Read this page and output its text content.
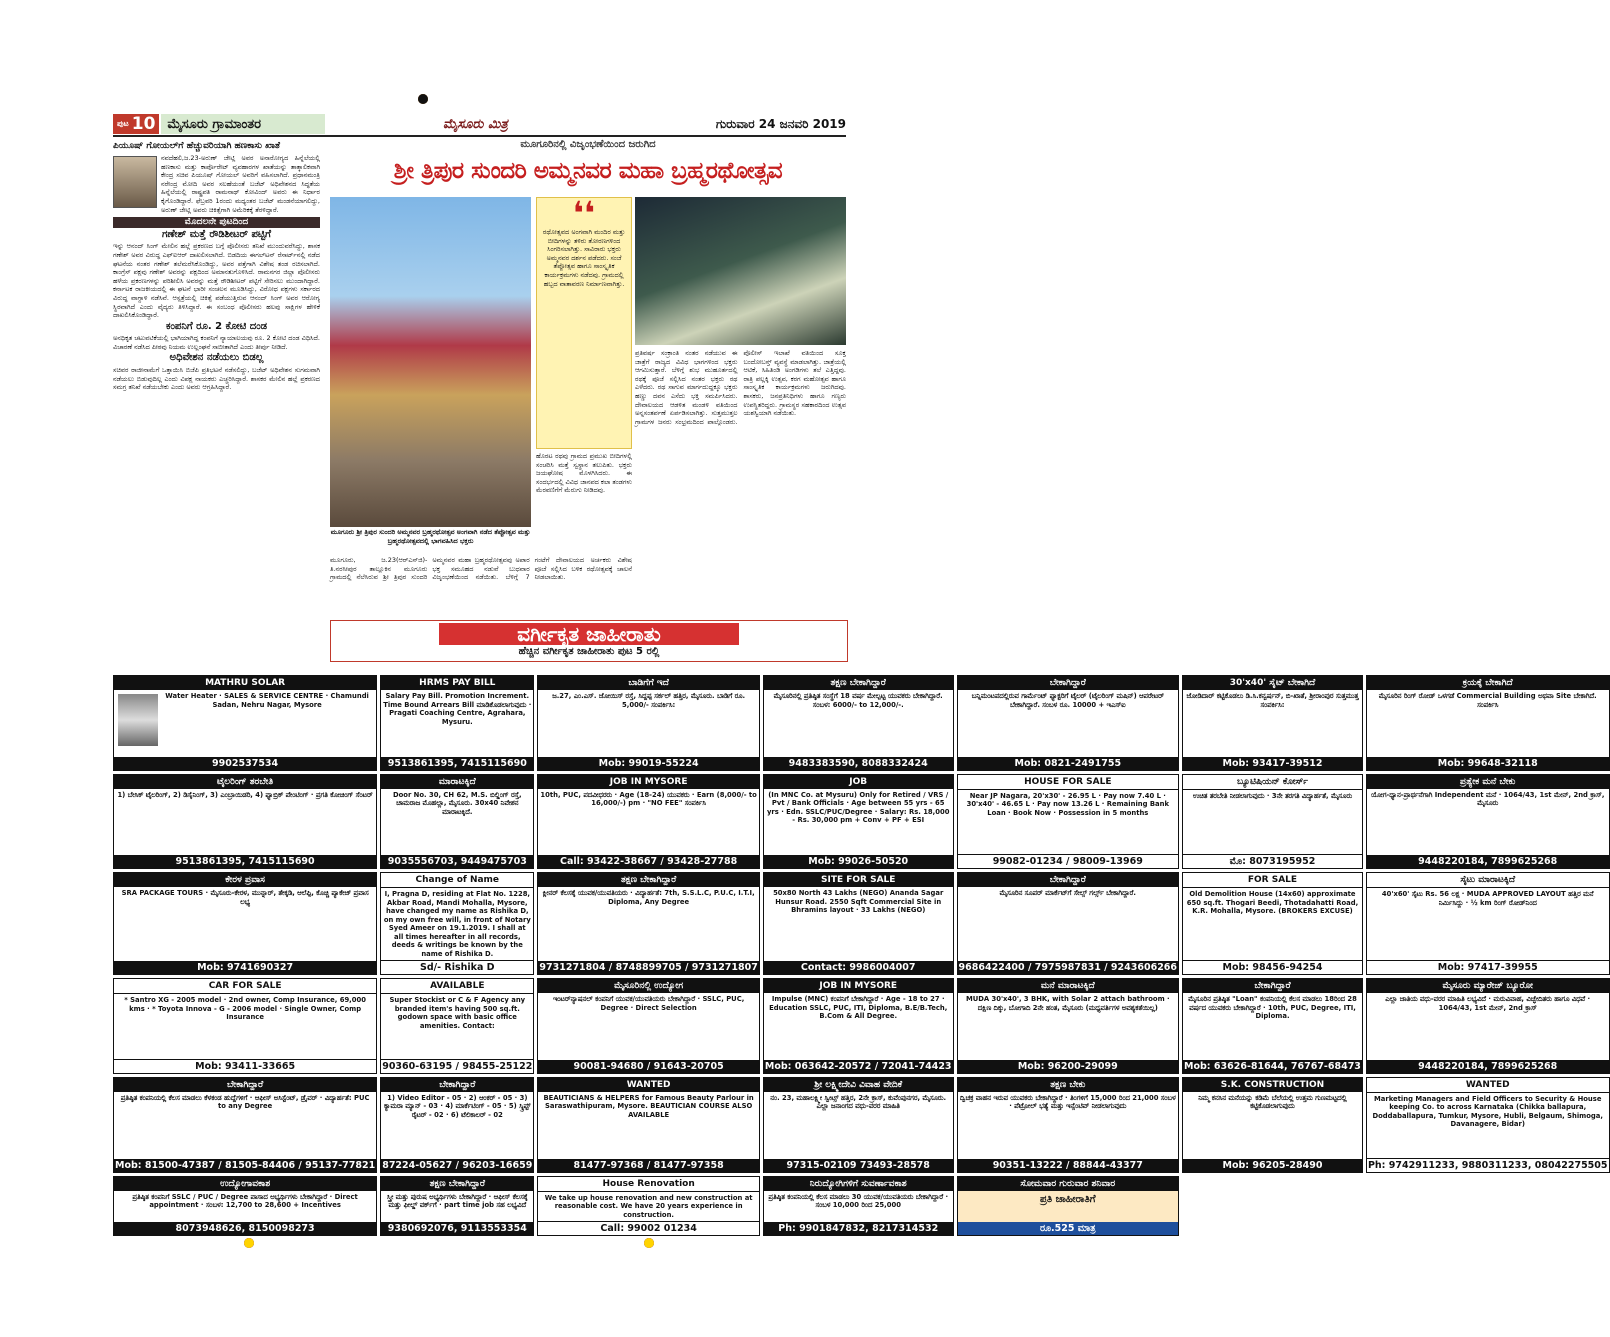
ಪುಟ 10 ಮೈಸೂರು ಗ್ರಾಮಾಂತರ	ಮೈಸೂರು ಮಿತ್ರ	ಗುರುವಾರ 24 ಜನವರಿ 2019
ಪಿಯೂಷ್ ಗೋಯಲ್‌ಗೆ ಹೆಚ್ಚುವರಿಯಾಗಿ ಹಣಕಾಸು ಖಾತೆ

ನವದೆಹಲಿ,ಜ.23-ಅರುಣ್ ಜೇಟ್ಲಿ ಅವರ ಅನಾರೋಗ್ಯದ ಹಿನ್ನೆಲೆಯಲ್ಲಿ ಹಣಕಾಸು ಮತ್ತು ಕಾರ್ಪೊರೇಟ್ ವ್ಯವಹಾರಗಳ ಖಾತೆಯನ್ನು ತಾತ್ಕಾಲಿಕವಾಗಿ ಕೇಂದ್ರ ಸಚಿವ ಪಿಯೂಷ್ ಗೋಯಲ್ ಅವರಿಗೆ ವಹಿಸಲಾಗಿದೆ. ಪ್ರಧಾನಮಂತ್ರಿ ನರೇಂದ್ರ ಮೋದಿ ಅವರ ಸಲಹೆಯಂತೆ ಬಜೆಟ್ ಅಧಿವೇಶನದ ಸಿದ್ಧತೆಯ ಹಿನ್ನೆಲೆಯಲ್ಲಿ ರಾಷ್ಟ್ರಪತಿ ರಾಮನಾಥ್ ಕೋವಿಂದ್ ಅವರು ಈ ನಿರ್ಧಾರ ಕೈಗೊಂಡಿದ್ದಾರೆ. ಫೆಬ್ರವರಿ 1ರಂದು ಮಧ್ಯಂತರ ಬಜೆಟ್ ಮಂಡನೆಯಾಗಲಿದ್ದು, ಅರುಣ್ ಜೇಟ್ಲಿ ಅವರು ಚಿಕಿತ್ಸೆಗಾಗಿ ಅಮೆರಿಕಕ್ಕೆ ತೆರಳಿದ್ದಾರೆ.

ಮೊದಲನೇ ಪುಟದಿಂದ
ಗಣೇಶ್ ಮತ್ತೆ ರೌಡಿಶೀಟರ್ ಪಟ್ಟಿಗೆ

ಇನ್ನು ಆನಂದ್ ಸಿಂಗ್ ಮೇಲಿನ ಹಲ್ಲೆ ಪ್ರಕರಣದ ಬಗ್ಗೆ ಪೊಲೀಸರು ತನಿಖೆ ಮುಂದುವರೆಸಿದ್ದು, ಶಾಸಕ ಗಣೇಶ್ ಅವರ ವಿರುದ್ಧ ಎಫ್‌ಐಆರ್ ದಾಖಲಿಸಲಾಗಿದೆ. ಬಿಡದಿಯ ಈಗಲ್‌ಟನ್ ರೆಸಾರ್ಟ್‌ನಲ್ಲಿ ನಡೆದ ಘಟನೆಯ ನಂತರ ಗಣೇಶ್ ತಲೆಮರೆಸಿಕೊಂಡಿದ್ದು, ಅವರ ಪತ್ತೆಗಾಗಿ ವಿಶೇಷ ತಂಡ ರಚಿಸಲಾಗಿದೆ. ಕಾಂಗ್ರೆಸ್ ಪಕ್ಷವು ಗಣೇಶ್ ಅವರನ್ನು ಪಕ್ಷದಿಂದ ಅಮಾನತುಗೊಳಿಸಿದೆ. ರಾಮನಗರ ಜಿಲ್ಲಾ ಪೊಲೀಸರು ಹಳೆಯ ಪ್ರಕರಣಗಳನ್ನು ಪರಿಶೀಲಿಸಿ ಅವರನ್ನು ಮತ್ತೆ ರೌಡಿಶೀಟರ್ ಪಟ್ಟಿಗೆ ಸೇರಿಸಲು ಮುಂದಾಗಿದ್ದಾರೆ. ಕರ್ನಾಟಕ ರಾಜಕೀಯದಲ್ಲಿ ಈ ಘಟನೆ ಭಾರೀ ಸಂಚಲನ ಮೂಡಿಸಿದ್ದು, ವಿರೋಧ ಪಕ್ಷಗಳು ಸರ್ಕಾರದ ವಿರುದ್ಧ ವಾಗ್ದಾಳಿ ನಡೆಸಿವೆ. ಆಸ್ಪತ್ರೆಯಲ್ಲಿ ಚಿಕಿತ್ಸೆ ಪಡೆಯುತ್ತಿರುವ ಆನಂದ್ ಸಿಂಗ್ ಅವರ ಆರೋಗ್ಯ ಸ್ಥಿರವಾಗಿದೆ ಎಂದು ವೈದ್ಯರು ತಿಳಿಸಿದ್ದಾರೆ. ಈ ಸಂಬಂಧ ಪೊಲೀಸರು ಹಲವು ಸಾಕ್ಷಿಗಳ ಹೇಳಿಕೆ ದಾಖಲಿಸಿಕೊಂಡಿದ್ದಾರೆ.

ಕಂಪನಿಗೆ ರೂ. 2 ಕೋಟಿ ದಂಡ

ಅನಧಿಕೃತ ಚಟುವಟಿಕೆಯಲ್ಲಿ ಭಾಗಿಯಾಗಿದ್ದ ಕಂಪನಿಗೆ ನ್ಯಾಯಾಲಯವು ರೂ. 2 ಕೋಟಿ ದಂಡ ವಿಧಿಸಿದೆ. ವಿಚಾರಣೆ ನಡೆಸಿದ ಪೀಠವು ನಿಯಮ ಉಲ್ಲಂಘನೆ ಸಾಬೀತಾಗಿದೆ ಎಂದು ತೀರ್ಪು ನೀಡಿದೆ.

ಅಧಿವೇಶನ ನಡೆಯಲು ಬಿಡಲ್ಲ

ಸಚಿವರ ರಾಜೀನಾಮೆಗೆ ಒತ್ತಾಯಿಸಿ ಬಿಜೆಪಿ ಪ್ರತಿಭಟನೆ ನಡೆಸಲಿದ್ದು, ಬಜೆಟ್ ಅಧಿವೇಶನ ಸುಗಮವಾಗಿ ನಡೆಯಲು ಬಿಡುವುದಿಲ್ಲ ಎಂದು ವಿಪಕ್ಷ ನಾಯಕರು ಎಚ್ಚರಿಸಿದ್ದಾರೆ. ಶಾಸಕರ ಮೇಲಿನ ಹಲ್ಲೆ ಪ್ರಕರಣದ ಸಮಗ್ರ ತನಿಖೆ ನಡೆಯಬೇಕು ಎಂದು ಅವರು ಆಗ್ರಹಿಸಿದ್ದಾರೆ.

ಮೂಗೂರಿನಲ್ಲಿ ವಿಜೃಂಭಣೆಯಿಂದ ಜರುಗಿದ
ಶ್ರೀ ತ್ರಿಪುರ ಸುಂದರಿ ಅಮ್ಮನವರ ಮಹಾ ಬ್ರಹ್ಮರಥೋತ್ಸವ
❛❛
ರಥೋತ್ಸವದ ಅಂಗವಾಗಿ ಮಂದಿರ ಮತ್ತು ಬೀದಿಗಳನ್ನು ತಳಿರು ತೋರಣಗಳಿಂದ ಸಿಂಗರಿಸಲಾಗಿತ್ತು. ಸಾವಿರಾರು ಭಕ್ತರು ಅಮ್ಮನವರ ದರ್ಶನ ಪಡೆದರು. ಸಂಜೆ ತೆಪ್ಪೋತ್ಸವ ಹಾಗೂ ಸಾಂಸ್ಕೃತಿಕ ಕಾರ್ಯಕ್ರಮಗಳು ನಡೆದವು. ಗ್ರಾಮದಲ್ಲಿ ಹಬ್ಬದ ವಾತಾವರಣ ನಿರ್ಮಾಣವಾಗಿತ್ತು.
ಮೂಗೂರು ಶ್ರೀ ತ್ರಿಪುರ ಸುಂದರಿ ಅಮ್ಮನವರ ಬ್ರಹ್ಮರಥೋತ್ಸವ ಅಂಗವಾಗಿ ನಡೆದ ತೆಪ್ಪೋತ್ಸವ ಮತ್ತು ಬ್ರಹ್ಮರಥೋತ್ಸವದಲ್ಲಿ ಭಾಗವಹಿಸಿದ ಭಕ್ತರು
ಪ್ರತಿವರ್ಷ ಸಂಕ್ರಾಂತಿ ನಂತರ ನಡೆಯುವ ಈ ಜಾತ್ರೆಗೆ ರಾಜ್ಯದ ವಿವಿಧ ಭಾಗಗಳಿಂದ ಭಕ್ತರು ಆಗಮಿಸುತ್ತಾರೆ. ಬೆಳಿಗ್ಗೆ ಶುಭ ಮುಹೂರ್ತದಲ್ಲಿ ರಥಕ್ಕೆ ಪೂಜೆ ಸಲ್ಲಿಸಿದ ನಂತರ ಭಕ್ತರು ರಥ ಎಳೆದರು. ರಥ ಸಾಗುವ ಮಾರ್ಗದುದ್ದಕ್ಕೂ ಭಕ್ತರು ಹಣ್ಣು ದವನ ಎಸೆದು ಭಕ್ತಿ ಸಮರ್ಪಿಸಿದರು. ದೇವಾಲಯದ ಆಡಳಿತ ಮಂಡಳಿ ವತಿಯಿಂದ ಅನ್ನಸಂತರ್ಪಣೆ ಏರ್ಪಡಿಸಲಾಗಿತ್ತು. ಸುತ್ತಮುತ್ತಲ ಗ್ರಾಮಗಳ ಜನರು ಸಂಭ್ರಮದಿಂದ ಪಾಲ್ಗೊಂಡರು. ಪೊಲೀಸ್ ಇಲಾಖೆ ವತಿಯಿಂದ ಸೂಕ್ತ ಬಂದೋಬಸ್ತ್ ವ್ಯವಸ್ಥೆ ಮಾಡಲಾಗಿತ್ತು. ಜಾತ್ರೆಯಲ್ಲಿ ಆಟಿಕೆ, ಸಿಹಿತಿಂಡಿ ಅಂಗಡಿಗಳು ತಲೆ ಎತ್ತಿದ್ದವು. ರಾತ್ರಿ ಪಲ್ಲಕ್ಕಿ ಉತ್ಸವ, ಕರಗ ಮಹೋತ್ಸವ ಹಾಗೂ ಸಾಂಸ್ಕೃತಿಕ ಕಾರ್ಯಕ್ರಮಗಳು ಜರುಗಿದವು. ಶಾಸಕರು, ಜನಪ್ರತಿನಿಧಿಗಳು ಹಾಗೂ ಗಣ್ಯರು ಉಪಸ್ಥಿತರಿದ್ದರು. ಗ್ರಾಮಸ್ಥರ ಸಹಕಾರದಿಂದ ಉತ್ಸವ ಯಶಸ್ವಿಯಾಗಿ ನಡೆಯಿತು.
ಹೊರಟ ರಥವು ಗ್ರಾಮದ ಪ್ರಮುಖ ಬೀದಿಗಳಲ್ಲಿ ಸಂಚರಿಸಿ ಮತ್ತೆ ಸ್ವಸ್ಥಾನ ತಲುಪಿತು. ಭಕ್ತರು ಜಯಘೋಷ ಮೊಳಗಿಸಿದರು. ಈ ಸಂದರ್ಭದಲ್ಲಿ ವಿವಿಧ ಜಾನಪದ ಕಲಾ ತಂಡಗಳು ಮೆರವಣಿಗೆಗೆ ಮೆರುಗು ನೀಡಿದವು.
ಮೂಗೂರು, ಜ.23(ಆರ್‌ಎಸ್‌ಜಿ)- ತಿ.ನರಸೀಪುರ ತಾಲ್ಲೂಕಿನ ಮೂಗೂರು ಗ್ರಾಮದಲ್ಲಿ ನೆಲೆಸಿರುವ ಶ್ರೀ ತ್ರಿಪುರ ಸುಂದರಿ ಅಮ್ಮನವರ ಮಹಾ ಬ್ರಹ್ಮರಥೋತ್ಸವವು ಅಪಾರ ಭಕ್ತ ಸಮೂಹದ ನಡುವೆ ಬುಧವಾರ ವಿಜೃಂಭಣೆಯಿಂದ ನಡೆಯಿತು. ಬೆಳಿಗ್ಗೆ 7 ಗಂಟೆಗೆ ದೇವಾಲಯದ ಅರ್ಚಕರು ವಿಶೇಷ ಪೂಜೆ ಸಲ್ಲಿಸಿದ ಬಳಿಕ ರಥೋತ್ಸವಕ್ಕೆ ಚಾಲನೆ ನೀಡಲಾಯಿತು.
ವರ್ಗೀಕೃತ ಜಾಹೀರಾತು
ಹೆಚ್ಚಿನ ವರ್ಗೀಕೃತ ಜಾಹೀರಾತು ಪುಟ 5 ರಲ್ಲಿ
MATHRU SOLAR
Water Heater · SALES & SERVICE CENTRE · Chamundi Sadan, Nehru Nagar, Mysore
9902537534
HRMS PAY BILL
Salary Pay Bill. Promotion Increment. Time Bound Arrears Bill ಮಾಡಿಕೊಡಲಾಗುವುದು · Pragati Coaching Centre, Agrahara, Mysuru.
9513861395, 7415115690
ಬಾಡಿಗೆಗೆ ಇದೆ
ಜ.27, ಎಂ.ಎಸ್. ಜೋಯಿಸ್ ರಸ್ತೆ, ಸಿದ್ದಪ್ಪ ಸರ್ಕಲ್ ಹತ್ತಿರ, ಮೈಸೂರು. ಬಾಡಿಗೆ ರೂ. 5,000/- ಸಂಪರ್ಕಿಸಿ:
Mob: 99019-55224
ತಕ್ಷಣ ಬೇಕಾಗಿದ್ದಾರೆ
ಮೈಸೂರಿನಲ್ಲಿ ಪ್ರತಿಷ್ಠಿತ ಸಂಸ್ಥೆಗೆ 18 ವರ್ಷ ಮೇಲ್ಪಟ್ಟ ಯುವಕರು ಬೇಕಾಗಿದ್ದಾರೆ. ಸಂಬಳ: 6000/- to 12,000/-.
9483383590, 8088332424
ಬೇಕಾಗಿದ್ದಾರೆ
ಬನ್ನಿಮಂಟಪದಲ್ಲಿರುವ ಗಾರ್ಮೆಂಟ್ ಫ್ಯಾಕ್ಟರಿಗೆ ಟೈಲರ್ (ಟೈಲರಿಂಗ್ ಮಷಿನ್) ಆಪರೇಟರ್ ಬೇಕಾಗಿದ್ದಾರೆ. ಸಂಬಳ ರೂ. 10000 + ಇಎಸ್ಐ
Mob: 0821-2491755
30'x40' ಸೈಟ್ ಬೇಕಾಗಿದೆ
ಜೋಡಿದಾರ್ ಕಟ್ಟಿಕೊಡಲು ಡಿ.ಸಿ.ಕನ್ವರ್ಷನ್, ಬಿ-ಖಾತೆ, ಶ್ರೀರಾಂಪುರ ಸುತ್ತಮುತ್ತ ಸಂಪರ್ಕಿಸಿ:
Mob: 93417-39512
ಕ್ರಯಕ್ಕೆ ಬೇಕಾಗಿದೆ
ಮೈಸೂರಿನ ರಿಂಗ್ ರೋಡ್ ಒಳಗಡೆ Commercial Building ಅಥವಾ Site ಬೇಕಾಗಿದೆ. ಸಂಪರ್ಕಿಸಿ
Mob: 99648-32118
ಟೈಲರಿಂಗ್ ತರಬೇತಿ
1) ಬೇಸಿಕ್ ಟೈಲರಿಂಗ್, 2) ಡಿಸೈನಿಂಗ್, 3) ಎಂಬ್ರಾಯಿಡರಿ, 4) ಫ್ಯಾಬ್ರಿಕ್ ಪೇಂಟಿಂಗ್ · ಪ್ರಗತಿ ಕೋಚಿಂಗ್ ಸೆಂಟರ್
9513861395, 7415115690
ಮಾರಾಟಕ್ಕಿದೆ
Door No. 30, CH 62, M.S. ಬಿಲ್ಡಿಂಗ್ ರಸ್ತೆ, ಚಾಮರಾಜ ಮೊಹಲ್ಲಾ, ಮೈಸೂರು. 30x40 ನಿವೇಶನ ಮಾರಾಟಕ್ಕಿದೆ.
9035556703, 9449475703
JOB IN MYSORE
10th, PUC, ಪದವೀಧರರು · Age (18-24) ಯುವಕರು · Earn (8,000/- to 16,000/-) pm · "NO FEE" ಸಂಪರ್ಕಿಸಿ
Call: 93422-38667 / 93428-27788
JOB
(In MNC Co. at Mysuru) Only for Retired / VRS / Pvt / Bank Officials · Age between 55 yrs - 65 yrs · Edn. SSLC/PUC/Degree · Salary: Rs. 18,000 - Rs. 30,000 pm + Conv + PF + ESI
Mob: 99026-50520
HOUSE FOR SALE
Near JP Nagara, 20'x30' - 26.95 L · Pay now 7.40 L · 30'x40' - 46.65 L · Pay now 13.26 L · Remaining Bank Loan · Book Now · Possession in 5 months
99082-01234 / 98009-13969
ಬ್ಯೂಟಿಷಿಯನ್ ಕೋರ್ಸ್
ಉಚಿತ ತರಬೇತಿ ನೀಡಲಾಗುವುದು · 3ನೇ ತರಗತಿ ವಿದ್ಯಾರ್ಹತೆ, ಮೈಸೂರು
ಮೊ: 8073195952
ಪ್ರತ್ಯೇಕ ಮನೆ ಬೇಕು
ಯೋಗ-ಧ್ಯಾನ-ಪ್ರಾರ್ಥನೆಗಾಗಿ Independent ಮನೆ · 1064/43, 1st ಮೇನ್, 2nd ಕ್ರಾಸ್, ಮೈಸೂರು
9448220184, 7899625268
ಕೇರಳ ಪ್ರವಾಸ
SRA PACKAGE TOURS · ಮೈಸೂರು-ಕೇರಳ, ಮುನ್ನಾರ್, ತೇಕ್ಕಡಿ, ಆಲೆಪ್ಪಿ, ಕೊಚ್ಚಿ ಪ್ಯಾಕೇಜ್ ಪ್ರವಾಸ ಲಭ್ಯ
Mob: 9741690327
Change of Name
I, Pragna D, residing at Flat No. 1228, Akbar Road, Mandi Mohalla, Mysore, have changed my name as Rishika D, on my own free will, in front of Notary Syed Ameer on 19.1.2019. I shall at all times hereafter in all records, deeds & writings be known by the name of Rishika D.
Sd/- Rishika D
ತಕ್ಷಣ ಬೇಕಾಗಿದ್ದಾರೆ
ಕ್ಲೀನರ್ ಕೆಲಸಕ್ಕೆ ಯುವಕ/ಯುವತಿಯರು · ವಿದ್ಯಾರ್ಹತೆ: 7th, S.S.L.C, P.U.C, I.T.I, Diploma, Any Degree
9731271804 / 8748899705 / 9731271807
SITE FOR SALE
50x80 North 43 Lakhs (NEGO) Ananda Sagar Hunsur Road. 2550 Sqft Commercial Site in Bhramins layout · 33 Lakhs (NEGO)
Contact: 9986004007
ಬೇಕಾಗಿದ್ದಾರೆ
ಮೈಸೂರಿನ ಸೂಪರ್ ಮಾರ್ಕೆಟ್‌ಗೆ ಸೇಲ್ಸ್ ಗರ್ಲ್ಸ್ ಬೇಕಾಗಿದ್ದಾರೆ.
9686422400 / 7975987831 / 9243606266
FOR SALE
Old Demolition House (14x60) approximate 650 sq.ft. Thogari Beedi, Thotadahatti Road, K.R. Mohalla, Mysore. (BROKERS EXCUSE)
Mob: 98456-94254
ಸೈಟು ಮಾರಾಟಕ್ಕಿದೆ
40'x60' ಸೈಟು Rs. 56 ಲಕ್ಷ · MUDA APPROVED LAYOUT ಹತ್ತಿರ ಮನೆ ನಿರ್ಮಿಸಿದ್ದು · ½ km ರಿಂಗ್ ರೋಡ್‌ನಿಂದ
Mob: 97417-39955
CAR FOR SALE
* Santro XG - 2005 model · 2nd owner, Comp Insurance, 69,000 kms · * Toyota Innova - G - 2006 model · Single Owner, Comp Insurance
Mob: 93411-33665
AVAILABLE
Super Stockist or C & F Agency any branded item's having 500 sq.ft. godown space with basic office amenities. Contact:
90360-63195 / 98455-25122
ಮೈಸೂರಿನಲ್ಲಿ ಉದ್ಯೋಗ
ಇಂಟರ್‌ನ್ಯಾಷನಲ್ ಕಂಪನಿಗೆ ಯುವಕ/ಯುವತಿಯರು ಬೇಕಾಗಿದ್ದಾರೆ · SSLC, PUC, Degree · Direct Selection
90081-94680 / 91643-20705
JOB IN MYSORE
Impulse (MNC) ಕಂಪನಿಗೆ ಬೇಕಾಗಿದ್ದಾರೆ · Age - 18 to 27 · Education SSLC, PUC, ITI, Diploma, B.E/B.Tech, B.Com & All Degree.
Mob: 063642-20572 / 72041-74423
ಮನೆ ಮಾರಾಟಕ್ಕಿದೆ
MUDA 30'x40', 3 BHK, with Solar 2 attach bathroom · ದಕ್ಷಿಣ ದಿಕ್ಕು, ಬೋಗಾದಿ 2ನೇ ಹಂತ, ಮೈಸೂರು (ಮಧ್ಯವರ್ತಿಗಳ ಅವಶ್ಯಕತೆಯಿಲ್ಲ)
Mob: 96200-29099
ಬೇಕಾಗಿದ್ದಾರೆ
ಮೈಸೂರಿನ ಪ್ರತಿಷ್ಠಿತ "Loan" ಕಂಪನಿಯಲ್ಲಿ ಕೆಲಸ ಮಾಡಲು 18ರಿಂದ 28 ವರ್ಷದ ಯುವಕರು ಬೇಕಾಗಿದ್ದಾರೆ · 10th, PUC, Degree, ITI, Diploma.
Mob: 63626-81644, 76767-68473
ಮೈಸೂರು ಮ್ಯಾರೇಜ್ ಬ್ಯೂರೋ
ಎಲ್ಲಾ ಜಾತಿಯ ವಧು-ವರರ ಮಾಹಿತಿ ಲಭ್ಯವಿದೆ · ಮರುವಿವಾಹ, ವಿಚ್ಛೇದಿತರು ಹಾಗೂ ವಿಧವೆ · 1064/43, 1st ಮೇನ್, 2nd ಕ್ರಾಸ್
9448220184, 7899625268
ಬೇಕಾಗಿದ್ದಾರೆ
ಪ್ರತಿಷ್ಠಿತ ಕಂಪನಿಯಲ್ಲಿ ಕೆಲಸ ಮಾಡಲು ಕೆಳಕಂಡ ಹುದ್ದೆಗಳಿಗೆ · ಆಫೀಸ್ ಅಸಿಸ್ಟೆಂಟ್, ಡ್ರೈವರ್ · ವಿದ್ಯಾರ್ಹತೆ: PUC to any Degree
Mob: 81500-47387 / 81505-84406 / 95137-77821
ಬೇಕಾಗಿದ್ದಾರೆ
1) Video Editor - 05 · 2) ಆಂಕರ್ - 05 · 3) ಕ್ಯಾಮರಾ ಮ್ಯಾನ್ - 03 · 4) ಮಾರ್ಕೆಟಿಂಗ್ - 05 · 5) ಸ್ಕ್ರಿಪ್ಟ್ ರೈಟರ್ - 02 · 6) ಟೆಲಿಕಾಲರ್ - 02
87224-05627 / 96203-16659
WANTED
BEAUTICIANS & HELPERS for Famous Beauty Parlour in Saraswathipuram, Mysore. BEAUTICIAN COURSE ALSO AVAILABLE
81477-97368 / 81477-97358
ಶ್ರೀ ಲಕ್ಷ್ಮೀದೇವಿ ವಿವಾಹ ವೇದಿಕೆ
ನಂ. 23, ಮಹಾಲಕ್ಷ್ಮೀ ಸ್ವೀಟ್ಸ್ ಹತ್ತಿರ, 2ನೇ ಕ್ರಾಸ್, ಕುವೆಂಪುನಗರ, ಮೈಸೂರು. ಎಲ್ಲಾ ಜನಾಂಗದ ವಧು-ವರರ ಮಾಹಿತಿ
97315-02109 73493-28578
ತಕ್ಷಣ ಬೇಕು
ದ್ವಿಚಕ್ರ ವಾಹನ ಇರುವ ಯುವಕರು ಬೇಕಾಗಿದ್ದಾರೆ · ತಿಂಗಳಿಗೆ 15,000 ರಿಂದ 21,000 ಸಂಬಳ · ಪೆಟ್ರೋಲ್ ಭತ್ಯೆ ಮತ್ತು ಇನ್ಸೆಂಟಿವ್ ನೀಡಲಾಗುವುದು
90351-13222 / 88844-43377
S.K. CONSTRUCTION
ನಿಮ್ಮ ಕನಸಿನ ಮನೆಯನ್ನು ಕಡಿಮೆ ಬೆಲೆಯಲ್ಲಿ ಉತ್ತಮ ಗುಣಮಟ್ಟದಲ್ಲಿ ಕಟ್ಟಿಕೊಡಲಾಗುವುದು
Mob: 96205-28490
WANTED
Marketing Managers and Field Officers to Security & House keeping Co. to across Karnataka (Chikka ballapura, Doddaballapura, Tumkur, Mysore, Hubli, Belgaum, Shimoga, Davanagere, Bidar)
Ph: 9742911233, 9880311233, 08042275505
ಉದ್ಯೋಗಾವಕಾಶ
ಪ್ರತಿಷ್ಠಿತ ಕಂಪನಿಗೆ SSLC / PUC / Degree ಪಾಸಾದ ಅಭ್ಯರ್ಥಿಗಳು ಬೇಕಾಗಿದ್ದಾರೆ · Direct appointment · ಸಂಬಳ: 12,700 to 28,600 + Incentives
8073948626, 8150098273
ತಕ್ಷಣ ಬೇಕಾಗಿದ್ದಾರೆ
ಸ್ತ್ರೀ ಮತ್ತು ಪುರುಷ ಅಭ್ಯರ್ಥಿಗಳು ಬೇಕಾಗಿದ್ದಾರೆ · ಆಫೀಸ್ ಕೆಲಸಕ್ಕೆ ಮತ್ತು ಫೀಲ್ಡ್ ವರ್ಕ್‌ಗೆ · part time job ಸಹ ಲಭ್ಯವಿದೆ
9380692076, 9113553354
House Renovation
We take up house renovation and new construction at reasonable cost. We have 20 years experience in construction.
Call: 99002 01234
ನಿರುದ್ಯೋಗಿಗಳಿಗೆ ಸುವರ್ಣಾವಕಾಶ
ಪ್ರತಿಷ್ಠಿತ ಕಂಪನಿಯಲ್ಲಿ ಕೆಲಸ ಮಾಡಲು 30 ಯುವಕ/ಯುವತಿಯರು ಬೇಕಾಗಿದ್ದಾರೆ · ಸಂಬಳ 10,000 ರಿಂದ 25,000
Ph: 9901847832, 8217314532
ಸೋಮವಾರ ಗುರುವಾರ ಶನಿವಾರ
ಪ್ರತಿ ಜಾಹೀರಾತಿಗೆ
ರೂ.525 ಮಾತ್ರ
